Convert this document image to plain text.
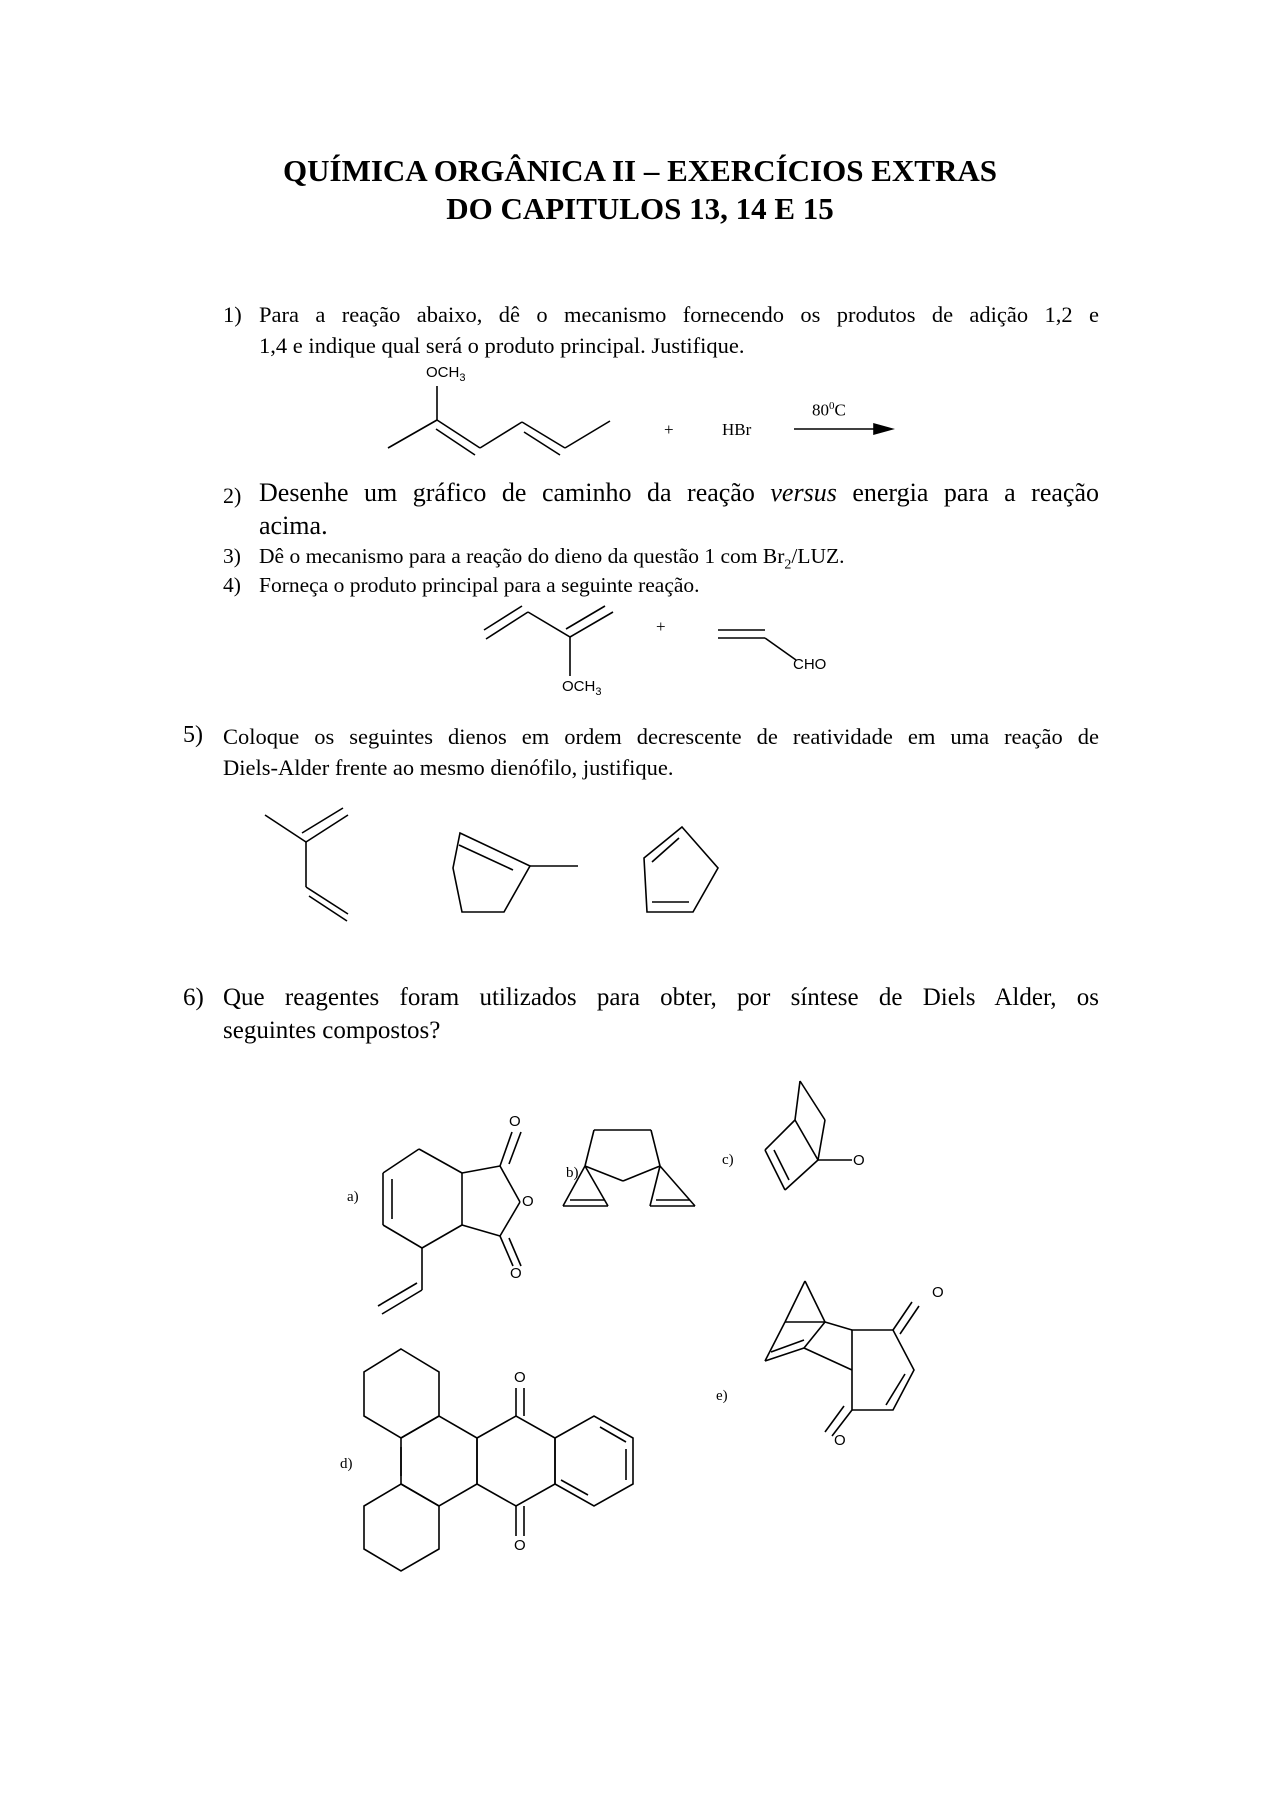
QUÍMICA ORGÂNICA II – EXERCÍCIOS EXTRAS
DO CAPITULOS 13, 14 E 15
1) Para a reação abaixo, dê o mecanismo fornecendo os produtos de adição 1,2 e
1,4 e indique qual será o produto principal. Justifique.
2) Desenhe um gráfico de caminho da reação versus energia para a reação
acima.
3) Dê o mecanismo para a reação do dieno da questão 1 com $Br_2$/LUZ.
4) Forneça o produto principal para a seguinte reação.
5) Coloque os seguintes dienos em ordem decrescente de reatividade em uma reação de
Diels-Alder frente ao mesmo dienófilo, justifique.
6) Que reagentes foram utilizados para obter, por síntese de Diels Alder, os
seguintes compostos?
$OCH_3$
+	HBr
$80^0C$
+
CHO
$OCH_3$
a)
b)
c)
d)
e)
O
O
O
O
O
O
O
O
